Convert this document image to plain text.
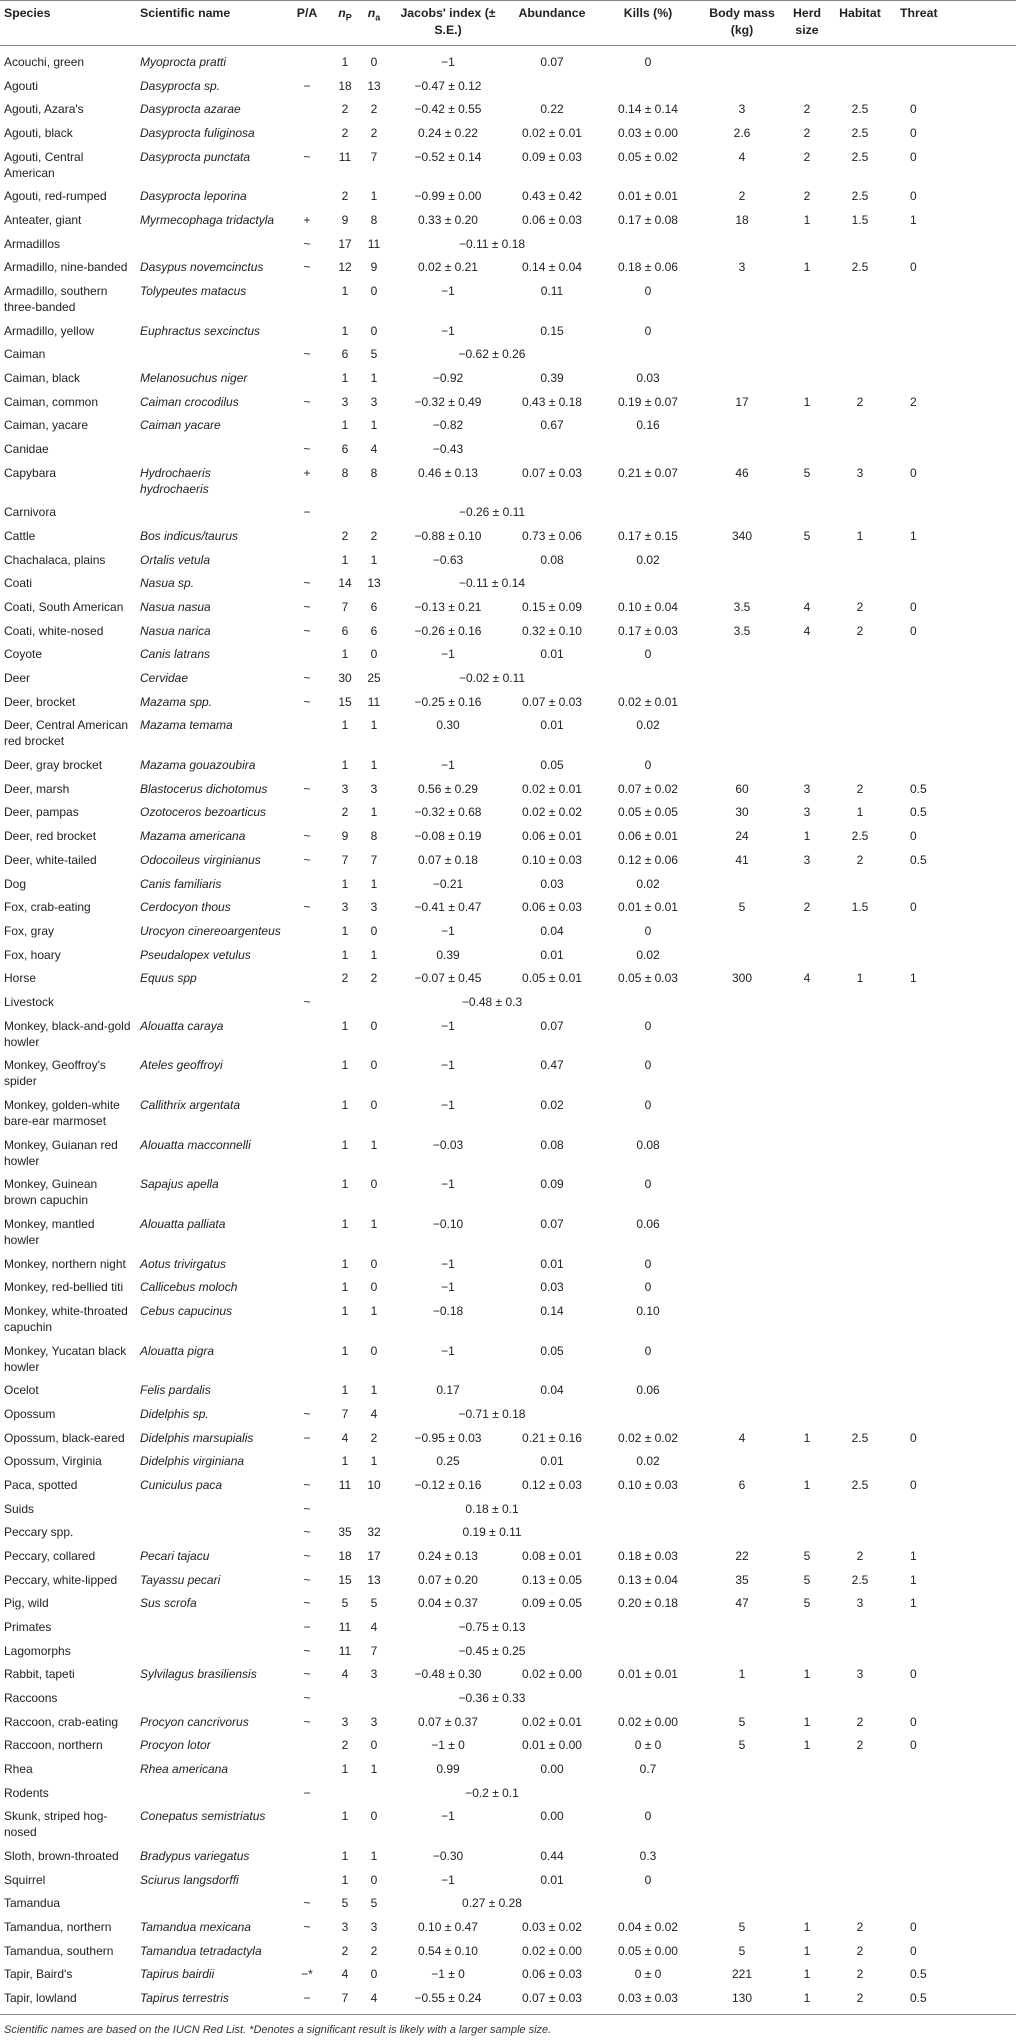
Species	Scientific name	P/A	$n_P$	$n_a$	Jacobs' index (± S.E.)	Abundance	Kills (%)	Body mass (kg)	Herd size	Habitat	Threat
Acouchi, green	Myoprocta pratti		1	0	−1	0.07	0				
Agouti	Dasyprocta sp.	−	18	13	−0.47 ± 0.12						
Agouti, Azara's	Dasyprocta azarae		2	2	−0.42 ± 0.55	0.22	0.14 ± 0.14	3	2	2.5	0
Agouti, black	Dasyprocta fuliginosa		2	2	0.24 ± 0.22	0.02 ± 0.01	0.03 ± 0.00	2.6	2	2.5	0
Agouti, Central American	Dasyprocta punctata	~	11	7	−0.52 ± 0.14	0.09 ± 0.03	0.05 ± 0.02	4	2	2.5	0
Agouti, red-rumped	Dasyprocta leporina		2	1	−0.99 ± 0.00	0.43 ± 0.42	0.01 ± 0.01	2	2	2.5	0
Anteater, giant	Myrmecophaga tridactyla	+	9	8	0.33 ± 0.20	0.06 ± 0.03	0.17 ± 0.08	18	1	1.5	1
Armadillos		~	17	11	−0.11 ± 0.18						
Armadillo, nine-banded	Dasypus novemcinctus	~	12	9	0.02 ± 0.21	0.14 ± 0.04	0.18 ± 0.06	3	1	2.5	0
Armadillo, southern three-banded	Tolypeutes matacus		1	0	−1	0.11	0				
Armadillo, yellow	Euphractus sexcinctus		1	0	−1	0.15	0				
Caiman		~	6	5	−0.62 ± 0.26						
Caiman, black	Melanosuchus niger		1	1	−0.92	0.39	0.03				
Caiman, common	Caiman crocodilus	~	3	3	−0.32 ± 0.49	0.43 ± 0.18	0.19 ± 0.07	17	1	2	2
Caiman, yacare	Caiman yacare		1	1	−0.82	0.67	0.16				
Canidae		~	6	4	−0.43						
Capybara	Hydrochaeris hydrochaeris	+	8	8	0.46 ± 0.13	0.07 ± 0.03	0.21 ± 0.07	46	5	3	0
Carnivora		−			−0.26 ± 0.11						
Cattle	Bos indicus/taurus		2	2	−0.88 ± 0.10	0.73 ± 0.06	0.17 ± 0.15	340	5	1	1
Chachalaca, plains	Ortalis vetula		1	1	−0.63	0.08	0.02				
Coati	Nasua sp.	~	14	13	−0.11 ± 0.14						
Coati, South American	Nasua nasua	~	7	6	−0.13 ± 0.21	0.15 ± 0.09	0.10 ± 0.04	3.5	4	2	0
Coati, white-nosed	Nasua narica	~	6	6	−0.26 ± 0.16	0.32 ± 0.10	0.17 ± 0.03	3.5	4	2	0
Coyote	Canis latrans		1	0	−1	0.01	0				
Deer	Cervidae	~	30	25	−0.02 ± 0.11						
Deer, brocket	Mazama spp.	~	15	11	−0.25 ± 0.16	0.07 ± 0.03	0.02 ± 0.01				
Deer, Central American red brocket	Mazama temama		1	1	0.30	0.01	0.02				
Deer, gray brocket	Mazama gouazoubira		1	1	−1	0.05	0				
Deer, marsh	Blastocerus dichotomus	~	3	3	0.56 ± 0.29	0.02 ± 0.01	0.07 ± 0.02	60	3	2	0.5
Deer, pampas	Ozotoceros bezoarticus		2	1	−0.32 ± 0.68	0.02 ± 0.02	0.05 ± 0.05	30	3	1	0.5
Deer, red brocket	Mazama americana	~	9	8	−0.08 ± 0.19	0.06 ± 0.01	0.06 ± 0.01	24	1	2.5	0
Deer, white-tailed	Odocoileus virginianus	~	7	7	0.07 ± 0.18	0.10 ± 0.03	0.12 ± 0.06	41	3	2	0.5
Dog	Canis familiaris		1	1	−0.21	0.03	0.02				
Fox, crab-eating	Cerdocyon thous	~	3	3	−0.41 ± 0.47	0.06 ± 0.03	0.01 ± 0.01	5	2	1.5	0
Fox, gray	Urocyon cinereoargenteus		1	0	−1	0.04	0				
Fox, hoary	Pseudalopex vetulus		1	1	0.39	0.01	0.02				
Horse	Equus spp		2	2	−0.07 ± 0.45	0.05 ± 0.01	0.05 ± 0.03	300	4	1	1
Livestock		~			−0.48 ± 0.3						
Monkey, black-and-gold howler	Alouatta caraya		1	0	−1	0.07	0				
Monkey, Geoffroy's spider	Ateles geoffroyi		1	0	−1	0.47	0				
Monkey, golden-white bare-ear marmoset	Callithrix argentata		1	0	−1	0.02	0				
Monkey, Guianan red howler	Alouatta macconnelli		1	1	−0.03	0.08	0.08				
Monkey, Guinean brown capuchin	Sapajus apella		1	0	−1	0.09	0				
Monkey, mantled howler	Alouatta palliata		1	1	−0.10	0.07	0.06				
Monkey, northern night	Aotus trivirgatus		1	0	−1	0.01	0				
Monkey, red-bellied titi	Callicebus moloch		1	0	−1	0.03	0				
Monkey, white-throated capuchin	Cebus capucinus		1	1	−0.18	0.14	0.10				
Monkey, Yucatan black howler	Alouatta pigra		1	0	−1	0.05	0				
Ocelot	Felis pardalis		1	1	0.17	0.04	0.06				
Opossum	Didelphis sp.	~	7	4	−0.71 ± 0.18						
Opossum, black-eared	Didelphis marsupialis	−	4	2	−0.95 ± 0.03	0.21 ± 0.16	0.02 ± 0.02	4	1	2.5	0
Opossum, Virginia	Didelphis virginiana		1	1	0.25	0.01	0.02				
Paca, spotted	Cuniculus paca	~	11	10	−0.12 ± 0.16	0.12 ± 0.03	0.10 ± 0.03	6	1	2.5	0
Suids		~			0.18 ± 0.1						
Peccary spp.		~	35	32	0.19 ± 0.11						
Peccary, collared	Pecari tajacu	~	18	17	0.24 ± 0.13	0.08 ± 0.01	0.18 ± 0.03	22	5	2	1
Peccary, white-lipped	Tayassu pecari	~	15	13	0.07 ± 0.20	0.13 ± 0.05	0.13 ± 0.04	35	5	2.5	1
Pig, wild	Sus scrofa	~	5	5	0.04 ± 0.37	0.09 ± 0.05	0.20 ± 0.18	47	5	3	1
Primates		−	11	4	−0.75 ± 0.13						
Lagomorphs		~	11	7	−0.45 ± 0.25						
Rabbit, tapeti	Sylvilagus brasiliensis	~	4	3	−0.48 ± 0.30	0.02 ± 0.00	0.01 ± 0.01	1	1	3	0
Raccoons		~			−0.36 ± 0.33						
Raccoon, crab-eating	Procyon cancrivorus	~	3	3	0.07 ± 0.37	0.02 ± 0.01	0.02 ± 0.00	5	1	2	0
Raccoon, northern	Procyon lotor		2	0	−1 ± 0	0.01 ± 0.00	0 ± 0	5	1	2	0
Rhea	Rhea americana		1	1	0.99	0.00	0.7				
Rodents		−			−0.2 ± 0.1						
Skunk, striped hog-nosed	Conepatus semistriatus		1	0	−1	0.00	0				
Sloth, brown-throated	Bradypus variegatus		1	1	−0.30	0.44	0.3				
Squirrel	Sciurus langsdorffi		1	0	−1	0.01	0				
Tamandua		~	5	5	0.27 ± 0.28						
Tamandua, northern	Tamandua mexicana	~	3	3	0.10 ± 0.47	0.03 ± 0.02	0.04 ± 0.02	5	1	2	0
Tamandua, southern	Tamandua tetradactyla		2	2	0.54 ± 0.10	0.02 ± 0.00	0.05 ± 0.00	5	1	2	0
Tapir, Baird's	Tapirus bairdii	−*	4	0	−1 ± 0	0.06 ± 0.03	0 ± 0	221	1	2	0.5
Tapir, lowland	Tapirus terrestris	−	7	4	−0.55 ± 0.24	0.07 ± 0.03	0.03 ± 0.03	130	1	2	0.5
Scientific names are based on the IUCN Red List. *Denotes a significant result is likely with a larger sample size.
